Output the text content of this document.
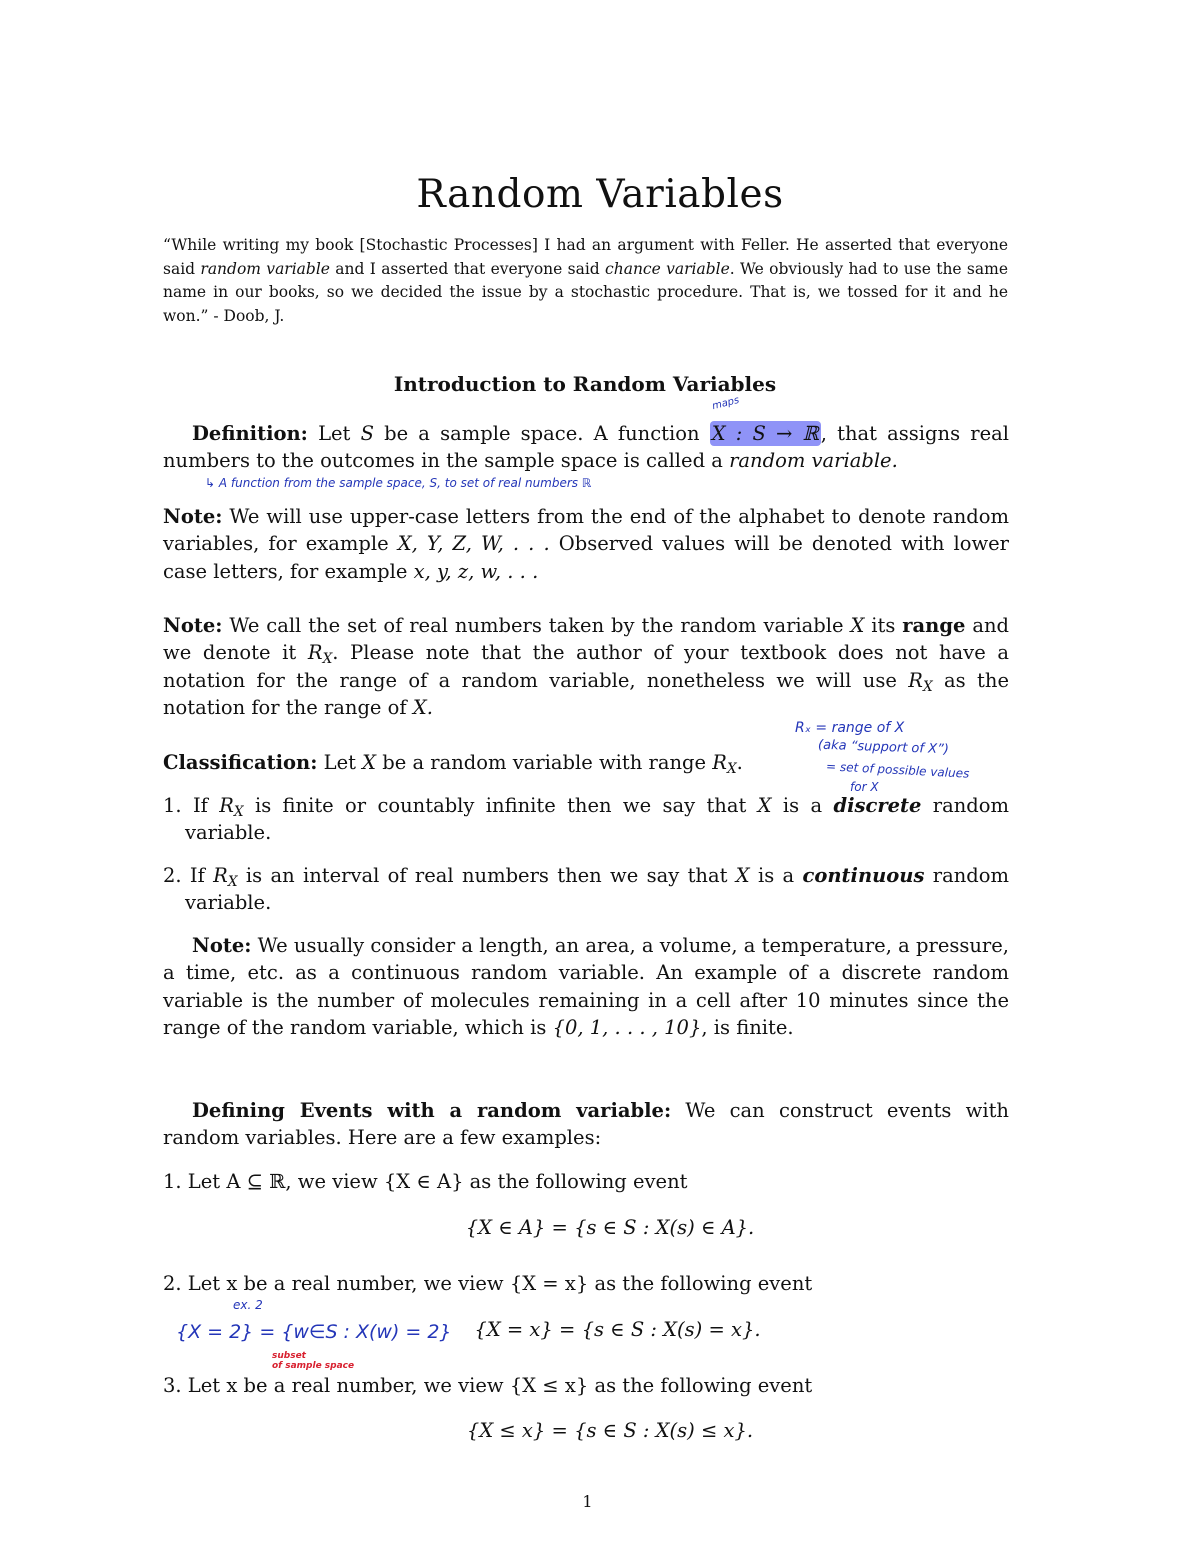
Random Variables
“While writing my book [Stochastic Processes] I had an argument with Feller. He asserted that everyone said random variable and I asserted that everyone said chance variable. We obviously had to use the same name in our books, so we decided the issue by a stochastic procedure. That is, we tossed for it and he won.” - Doob, J.
Introduction to Random Variables
maps
Definition: Let S be a sample space. A function X : S → ℝ , that assigns real numbers to the outcomes in the sample space is called a random variable.
↳ A function from the sample space, S, to set of real numbers ℝ
Note: We will use upper-case letters from the end of the alphabet to denote random variables, for example X, Y, Z, W, . . . Observed values will be denoted with lower case letters, for example x, y, z, w, . . .
Note: We call the set of real numbers taken by the random variable X its range and we denote it $R_X$. Please note that the author of your textbook does not have a notation for the range of a random variable, nonetheless we will use $R_X$ as the notation for the range of X.
Rₓ = range of X
(aka “support of X”)
= set of possible values
for X
Classification: Let X be a random variable with range $R_X$.
1. If $R_X$ is finite or countably infinite then we say that X is a discrete random variable.
2. If $R_X$ is an interval of real numbers then we say that X is a continuous random variable.
Note: We usually consider a length, an area, a volume, a temperature, a pressure, a time, etc. as a continuous random variable. An example of a discrete random variable is the number of molecules remaining in a cell after 10 minutes since the range of the random variable, which is {0, 1, . . . , 10}, is finite.
Defining Events with a random variable: We can construct events with random variables. Here are a few examples:
1. Let A ⊆ ℝ, we view {X ∈ A} as the following event
{X ∈ A} = {s ∈ S : X(s) ∈ A}.
2. Let x be a real number, we view {X = x} as the following event
ex. 2
{X = 2} = {w∈S : X(w) = 2}
subset
of sample space
{X = x} = {s ∈ S : X(s) = x}.
3. Let x be a real number, we view {X ≤ x} as the following event
{X ≤ x} = {s ∈ S : X(s) ≤ x}.
1
